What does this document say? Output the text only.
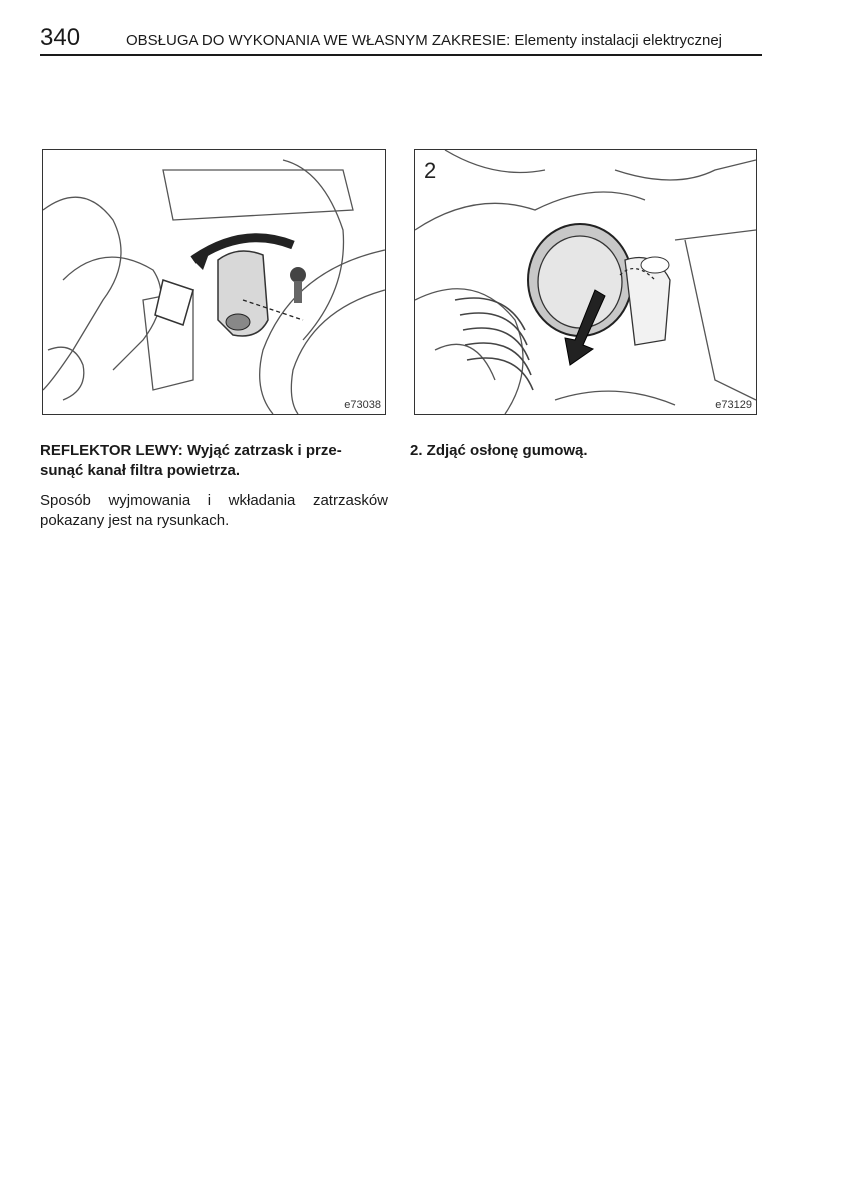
340	OBSŁUGA DO WYKONANIA WE WŁASNYM ZAKRESIE: Elementy instalacji elektrycznej
e73038
2
e73129
REFLEKTOR LEWY: Wyjąć zatrzask i prze-
sunąć kanał filtra powietrza.
Sposób wyjmowania i wkładania zatrzasków pokazany jest na rysunkach.
2. Zdjąć osłonę gumową.
